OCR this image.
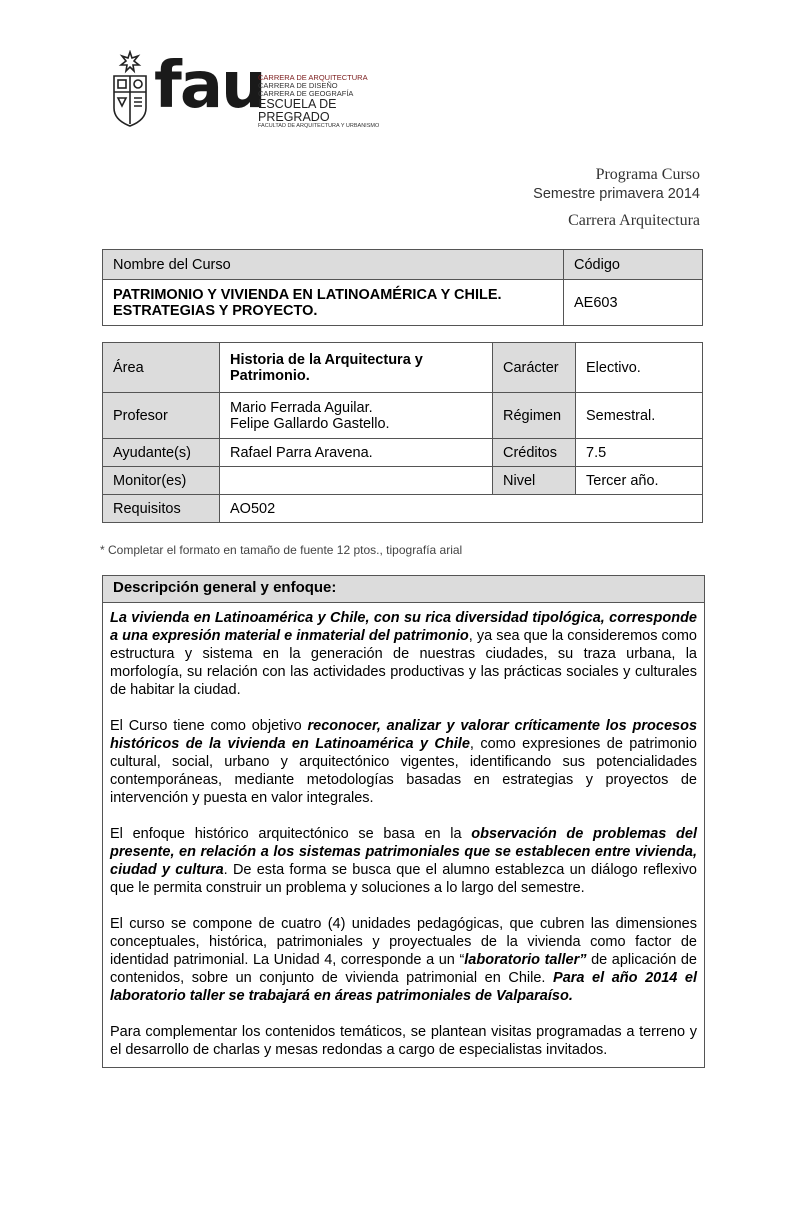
fau
CARRERA DE ARQUITECTURA
CARRERA DE DISEÑO
CARRERA DE GEOGRAFÍA
ESCUELA DE PREGRADO
FACULTAD DE ARQUITECTURA Y URBANISMO
Programa Curso
Semestre primavera 2014
Carrera Arquitectura
Nombre del Curso	Código

PATRIMONIO Y VIVIENDA EN LATINOAMÉRICA Y CHILE.
ESTRATEGIAS Y PROYECTO.	AE603
Área	Historia de la Arquitectura y
Patrimonio.	Carácter	Electivo.
Profesor	Mario Ferrada Aguilar.
Felipe Gallardo Gastello.	Régimen	Semestral.
Ayudante(s)	Rafael Parra Aravena.	Créditos	7.5
Monitor(es)		Nivel	Tercer año.
Requisitos	AO502		
* Completar el formato en tamaño de fuente 12 ptos., tipografía arial
Descripción general y enfoque:

La vivienda en Latinoamérica y Chile, con su rica diversidad tipológica, corresponde a una expresión material e inmaterial del patrimonio, ya sea que la consideremos como estructura y sistema en la generación de nuestras ciudades, su traza urbana, la morfología, su relación con las actividades productivas y las prácticas sociales y culturales de habitar la ciudad.

El Curso tiene como objetivo reconocer, analizar y valorar críticamente los procesos históricos de la vivienda en Latinoamérica y Chile, como expresiones de patrimonio cultural, social, urbano y arquitectónico vigentes, identificando sus potencialidades contemporáneas, mediante metodologías basadas en estrategias y proyectos de intervención y puesta en valor integrales.

El enfoque histórico arquitectónico se basa en la observación de problemas del presente, en relación a los sistemas patrimoniales que se establecen entre vivienda, ciudad y cultura. De esta forma se busca que el alumno establezca un diálogo reflexivo que le permita construir un problema y soluciones a lo largo del semestre.

El curso se compone de cuatro (4) unidades pedagógicas, que cubren las dimensiones conceptuales, histórica, patrimoniales y proyectuales de la vivienda como factor de identidad patrimonial. La Unidad 4, corresponde a un “laboratorio taller” de aplicación de contenidos, sobre un conjunto de vivienda patrimonial en Chile. Para el año 2014 el laboratorio taller se trabajará en áreas patrimoniales de Valparaíso.

Para complementar los contenidos temáticos, se plantean visitas programadas a terreno y el desarrollo de charlas y mesas redondas a cargo de especialistas invitados.
